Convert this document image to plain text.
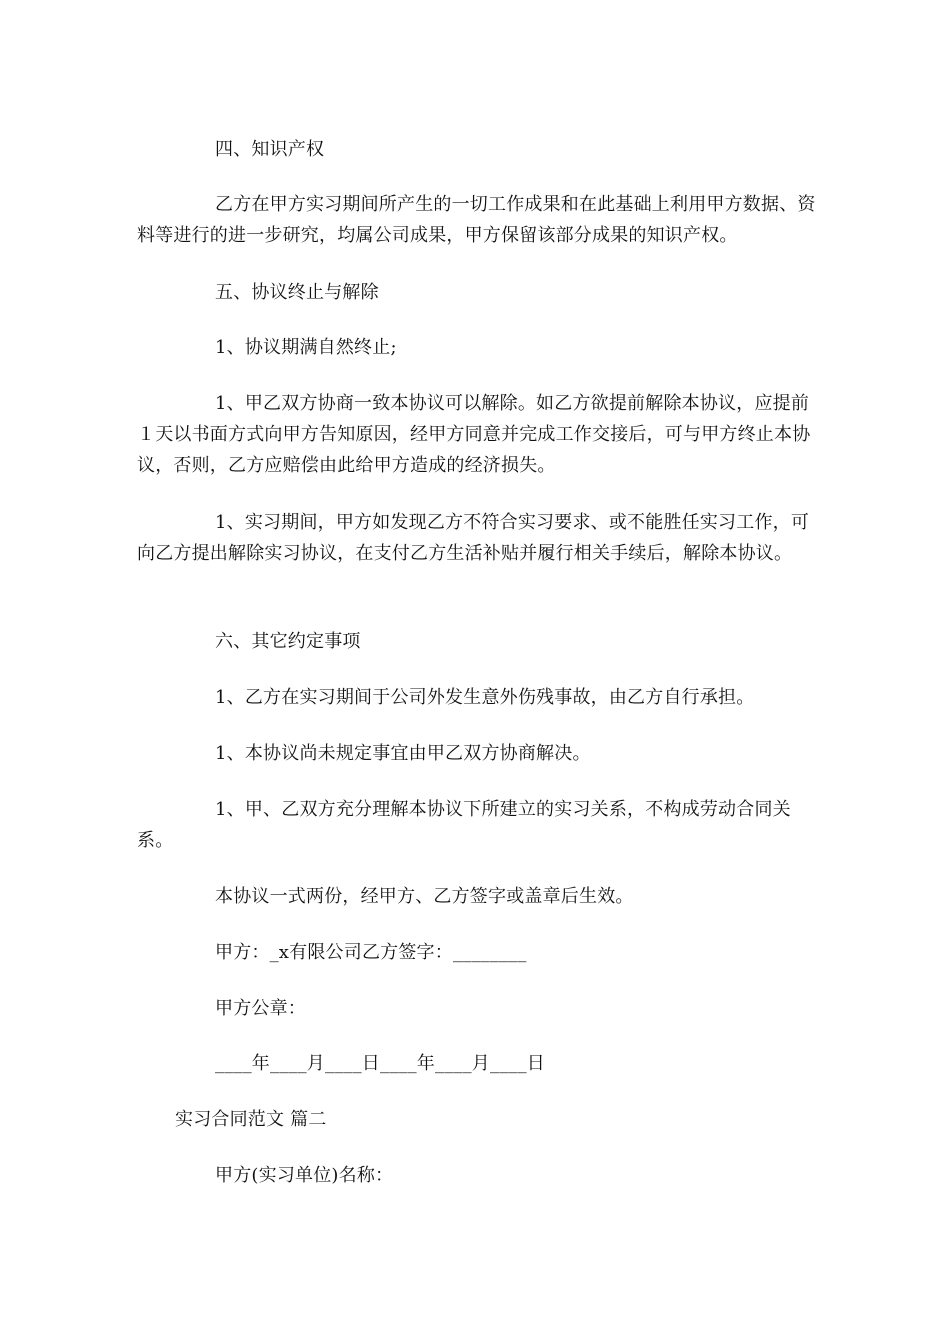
四、知识产权

乙方在甲方实习期间所产生的一切工作成果和在此基础上利用甲方数据、资料等进行的进一步研究，均属公司成果，甲方保留该部分成果的知识产权。

五、协议终止与解除

1、协议期满自然终止;

1、甲乙双方协商一致本协议可以解除。如乙方欲提前解除本协议，应提前１天以书面方式向甲方告知原因，经甲方同意并完成工作交接后，可与甲方终止本协议，否则，乙方应赔偿由此给甲方造成的经济损失。

1、实习期间，甲方如发现乙方不符合实习要求、或不能胜任实习工作，可向乙方提出解除实习协议，在支付乙方生活补贴并履行相关手续后，解除本协议。

六、其它约定事项

1、乙方在实习期间于公司外发生意外伤残事故，由乙方自行承担。

1、本协议尚未规定事宜由甲乙双方协商解决。

1、甲、乙双方充分理解本协议下所建立的实习关系，不构成劳动合同关系。

本协议一式两份，经甲方、乙方签字或盖章后生效。

甲方：_x有限公司乙方签字：________

甲方公章：

____年____月____日____年____月____日

实习合同范文 篇二

甲方(实习单位)名称：
